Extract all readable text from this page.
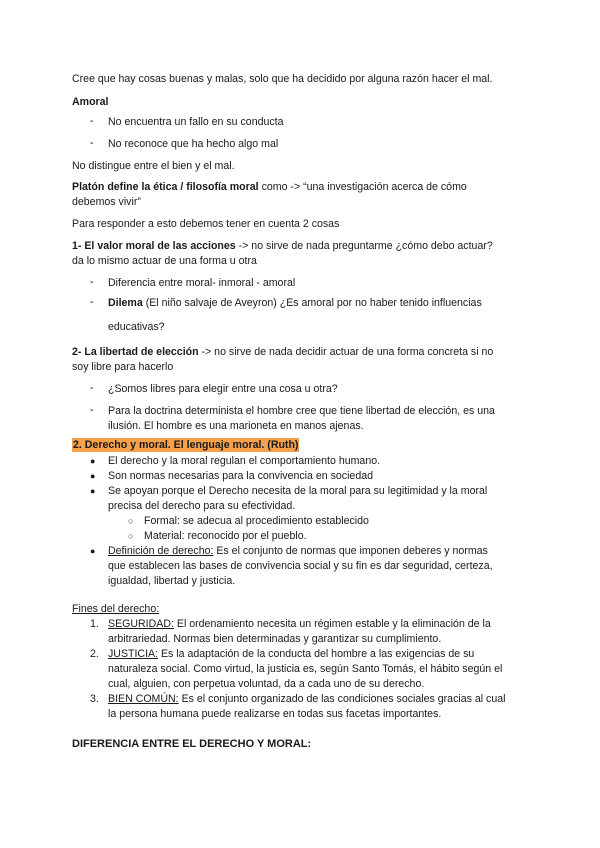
Cree que hay cosas buenas y malas, solo que ha decidido por alguna razón hacer el mal.
Amoral
-	No encuentra un fallo en su conducta
-	No reconoce que ha hecho algo mal
No distingue entre el bien y el mal.
Platón define la ética / filosofía moral como -> “una investigación acerca de cómo
debemos vivir”
Para responder a esto debemos tener en cuenta 2 cosas
1- El valor moral de las acciones -> no sirve de nada preguntarme ¿cómo debo actuar?
da lo mismo actuar de una forma u otra
-	Diferencia entre moral- inmoral - amoral
-	Dilema (El niño salvaje de Aveyron) ¿Es amoral por no haber tenido influencias
educativas?
2- La libertad de elección -> no sirve de nada decidir actuar de una forma concreta si no
soy libre para hacerlo
-	¿Somos libres para elegir entre una cosa u otra?
-	Para la doctrina determinista el hombre cree que tiene libertad de elección, es una
ilusión. El hombre es una marioneta en manos ajenas.
2. Derecho y moral. El lenguaje moral. (Ruth)
● El derecho y la moral regulan el comportamiento humano.
● Son normas necesarias para la convivencia en sociedad
● Se apoyan porque el Derecho necesita de la moral para su legitimidad y la moral
precisa del derecho para su efectividad.
○ Formal: se adecua al procedimiento establecido
○ Material: reconocido por el pueblo.
● Definición de derecho: Es el conjunto de normas que imponen deberes y normas
que establecen las bases de convivencia social y su fin es dar seguridad, certeza,
igualdad, libertad y justicia.
Fines del derecho:
1. SEGURIDAD: El ordenamiento necesita un régimen estable y la eliminación de la
arbitrariedad. Normas bien determinadas y garantizar su cumplimiento.
2. JUSTICIA: Es la adaptación de la conducta del hombre a las exigencias de su
naturaleza social. Como virtud, la justicia es, según Santo Tomás, el hábito según el
cual, alguien, con perpetua voluntad, da a cada uno de su derecho.
3. BIEN COMÚN: Es el conjunto organizado de las condiciones sociales gracias al cual
la persona humana puede realizarse en todas sus facetas importantes.
DIFERENCIA ENTRE EL DERECHO Y MORAL:
